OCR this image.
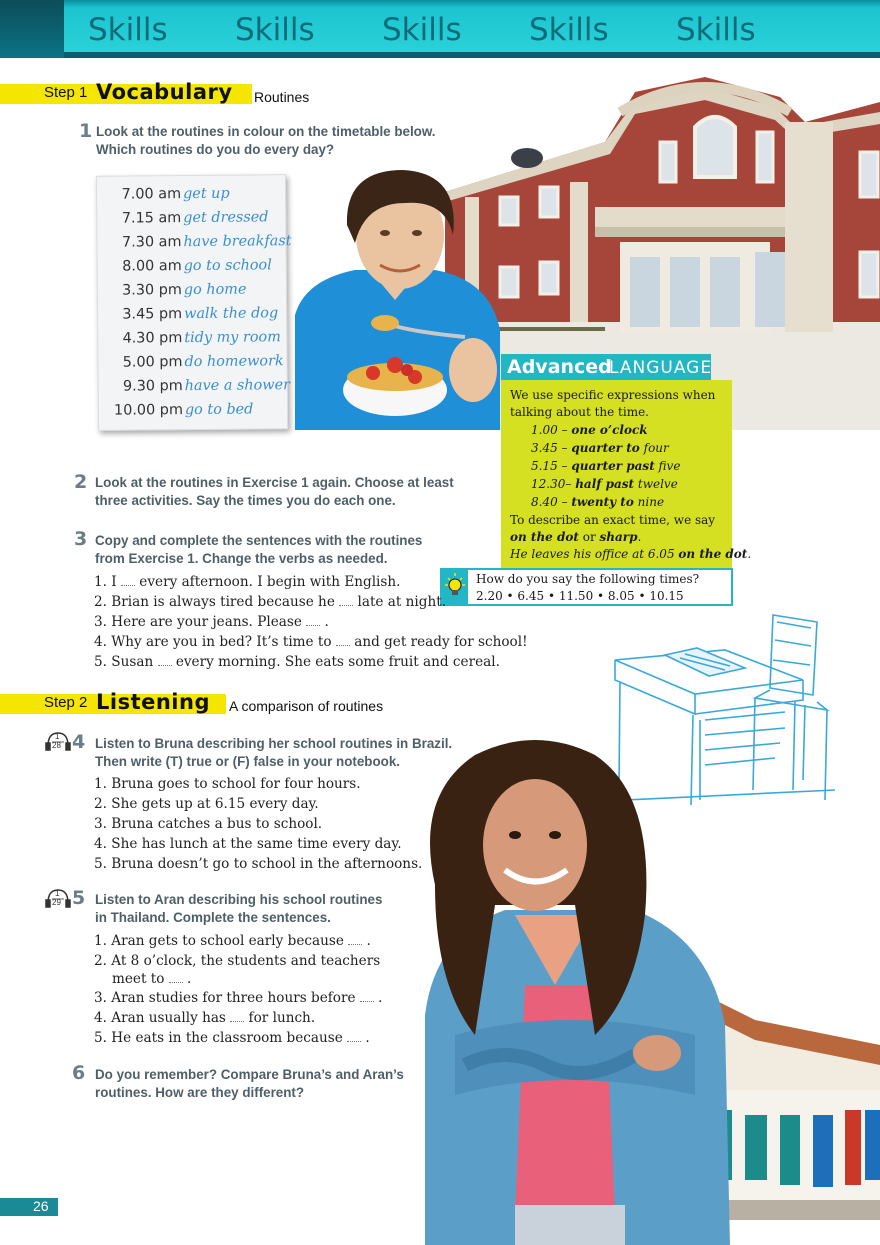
Skills Skills Skills Skills Skills
Step 1 Vocabulary Routines
1 Look at the routines in colour on the timetable below.
Which routines do you do every day?
7.00 am get up
7.15 am get dressed
7.30 am have breakfast
8.00 am go to school
3.30 pm go home
3.45 pm walk the dog
4.30 pm tidy my room
5.00 pm do homework
9.30 pm have a shower
10.00 pm go to bed
Advanced
LANGUAGE
We use specific expressions when
talking about the time.
1.00 – one o’clock
3.45 – quarter to four
5.15 – quarter past five
12.30– half past twelve
8.40 – twenty to nine
To describe an exact time, we say
on the dot or sharp.
He leaves his office at 6.05 on the dot.
How do you say the following times?
2.20 • 6.45 • 11.50 • 8.05 • 10.15
2 Look at the routines in Exercise 1 again. Choose at least
three activities. Say the times you do each one.
3 Copy and complete the sentences with the routines
from Exercise 1. Change the verbs as needed.
1. I  every afternoon. I begin with English.
2. Brian is always tired because he  late at night.
3. Here are your jeans. Please  .
4. Why are you in bed? It’s time to  and get ready for school!
5. Susan  every morning. She eats some fruit and cereal.
Step 2 Listening A comparison of routines
1
28 4 Listen to Bruna describing her school routines in Brazil.
Then write (T) true or (F) false in your notebook.
1. Bruna goes to school for four hours.
2. She gets up at 6.15 every day.
3. Bruna catches a bus to school.
4. She has lunch at the same time every day.
5. Bruna doesn’t go to school in the afternoons.
1
29 5 Listen to Aran describing his school routines
in Thailand. Complete the sentences.
1. Aran gets to school early because  .
2. At 8 o’clock, the students and teachers
meet to  .
3. Aran studies for three hours before  .
4. Aran usually has  for lunch.
5. He eats in the classroom because  .
6 Do you remember? Compare Bruna’s and Aran’s
routines. How are they different?
26
